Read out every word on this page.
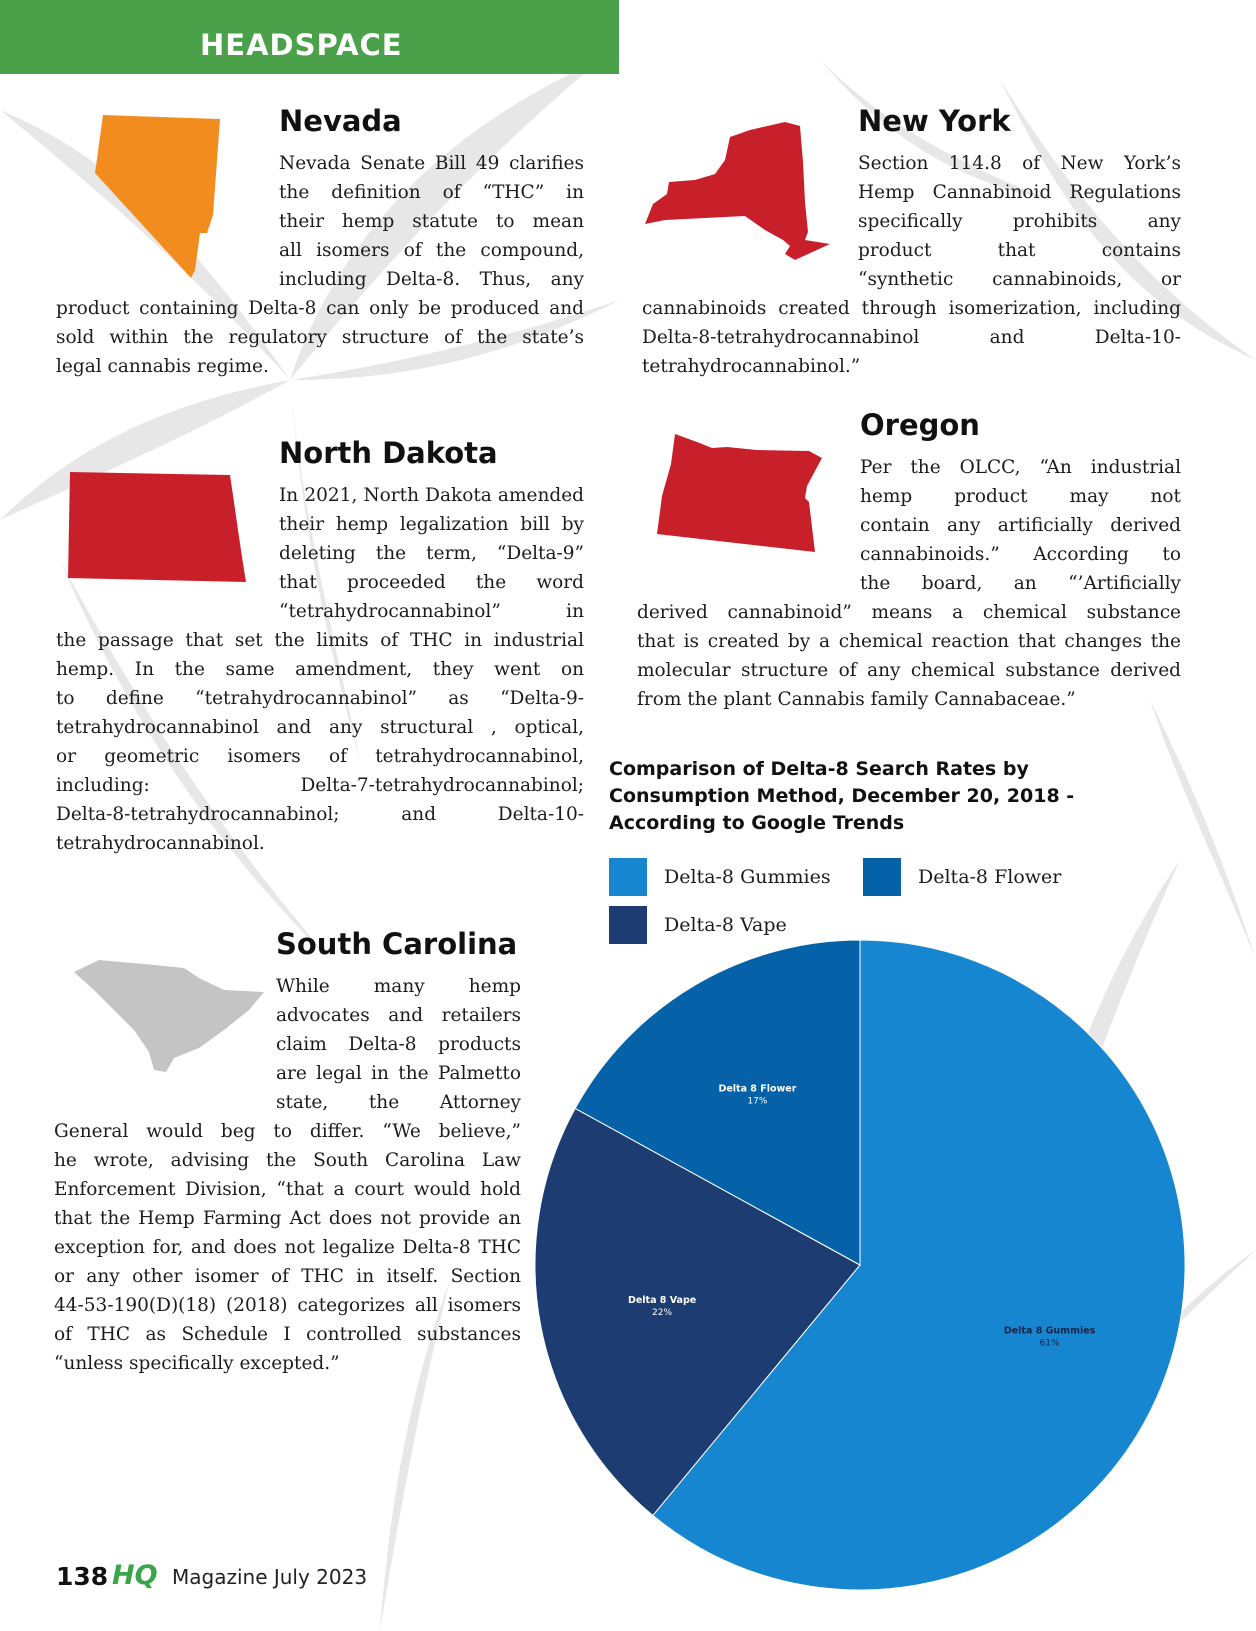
HEADSPACE
Nevada
Nevada Senate Bill 49 clarifies
the definition of “THC” in
their hemp statute to mean
all isomers of the compound,
including Delta-8. Thus, any
product containing Delta-8 can only be produced and
sold within the regulatory structure of the state’s
legal cannabis regime.
New York
Section 114.8 of New York’s
Hemp Cannabinoid Regulations
specifically prohibits any
product that contains
“synthetic cannabinoids, or
cannabinoids created through isomerization, including
Delta-8-tetrahydrocannabinol and Delta-10-
tetrahydrocannabinol.”
North Dakota
In 2021, North Dakota amended
their hemp legalization bill by
deleting the term, “Delta-9”
that proceeded the word
“tetrahydrocannabinol” in
the passage that set the limits of THC in industrial
hemp. In the same amendment, they went on
to define “tetrahydrocannabinol” as “Delta-9-
tetrahydrocannabinol and any structural , optical,
or geometric isomers of tetrahydrocannabinol,
including: Delta-7-tetrahydrocannabinol;
Delta-8-tetrahydrocannabinol; and Delta-10-
tetrahydrocannabinol.
Oregon
Per the OLCC, “An industrial
hemp product may not
contain any artificially derived
cannabinoids.” According to
the board, an “’Artificially
derived cannabinoid” means a chemical substance
that is created by a chemical reaction that changes the
molecular structure of any chemical substance derived
from the plant Cannabis family Cannabaceae.”
South Carolina
While many hemp
advocates and retailers
claim Delta-8 products
are legal in the Palmetto
state, the Attorney
General would beg to differ. “We believe,”
he wrote, advising the South Carolina Law
Enforcement Division, “that a court would hold
that the Hemp Farming Act does not provide an
exception for, and does not legalize Delta-8 THC
or any other isomer of THC in itself. Section
44-53-190(D)(18) (2018) categorizes all isomers
of THC as Schedule I controlled substances
“unless specifically excepted.”
Comparison of Delta-8 Search Rates by Consumption Method, December 20, 2018 - According to Google Trends
Delta-8 Gummies	Delta-8 Flower
Delta-8 Vape
Delta 8 Gummies
61%
Delta 8 Vape
22%
Delta 8 Flower
17%
138 HQ Magazine July 2023
